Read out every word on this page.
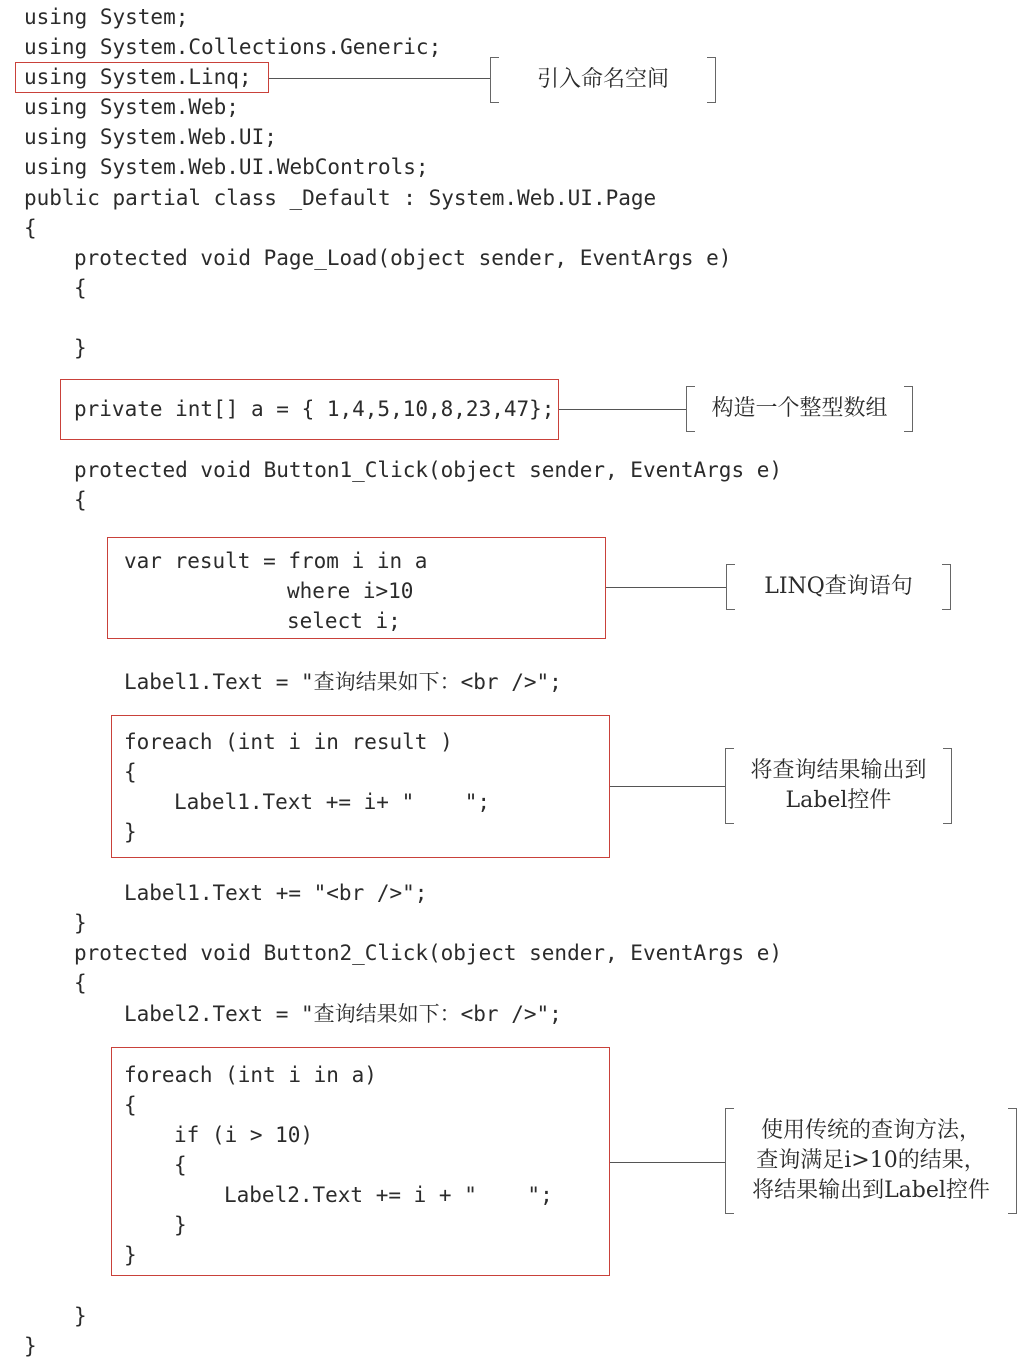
using System;
using System.Collections.Generic;
using System.Linq;
using System.Web;
using System.Web.UI;
using System.Web.UI.WebControls;
public partial class _Default : System.Web.UI.Page
{
protected void Page_Load(object sender, EventArgs e)
{
}
private int[] a = { 1,4,5,10,8,23,47};
protected void Button1_Click(object sender, EventArgs e)
{
var result = from i in a
where i>10
select i;
Label1.Text = "查询结果如下：<br />";
foreach (int i in result )
{
Label1.Text += i+ "    ";
}
Label1.Text += "<br />";
}
protected void Button2_Click(object sender, EventArgs e)
{
Label2.Text = "查询结果如下：<br />";
foreach (int i in a)
{
if (i > 10)
{
Label2.Text += i + "    ";
}
}
}
}
引入命名空间
构造一个整型数组
LINQ查询语句
将查询结果输出到
Label控件
使用传统的查询方法，
查询满足i>10的结果，
将结果输出到Label控件
